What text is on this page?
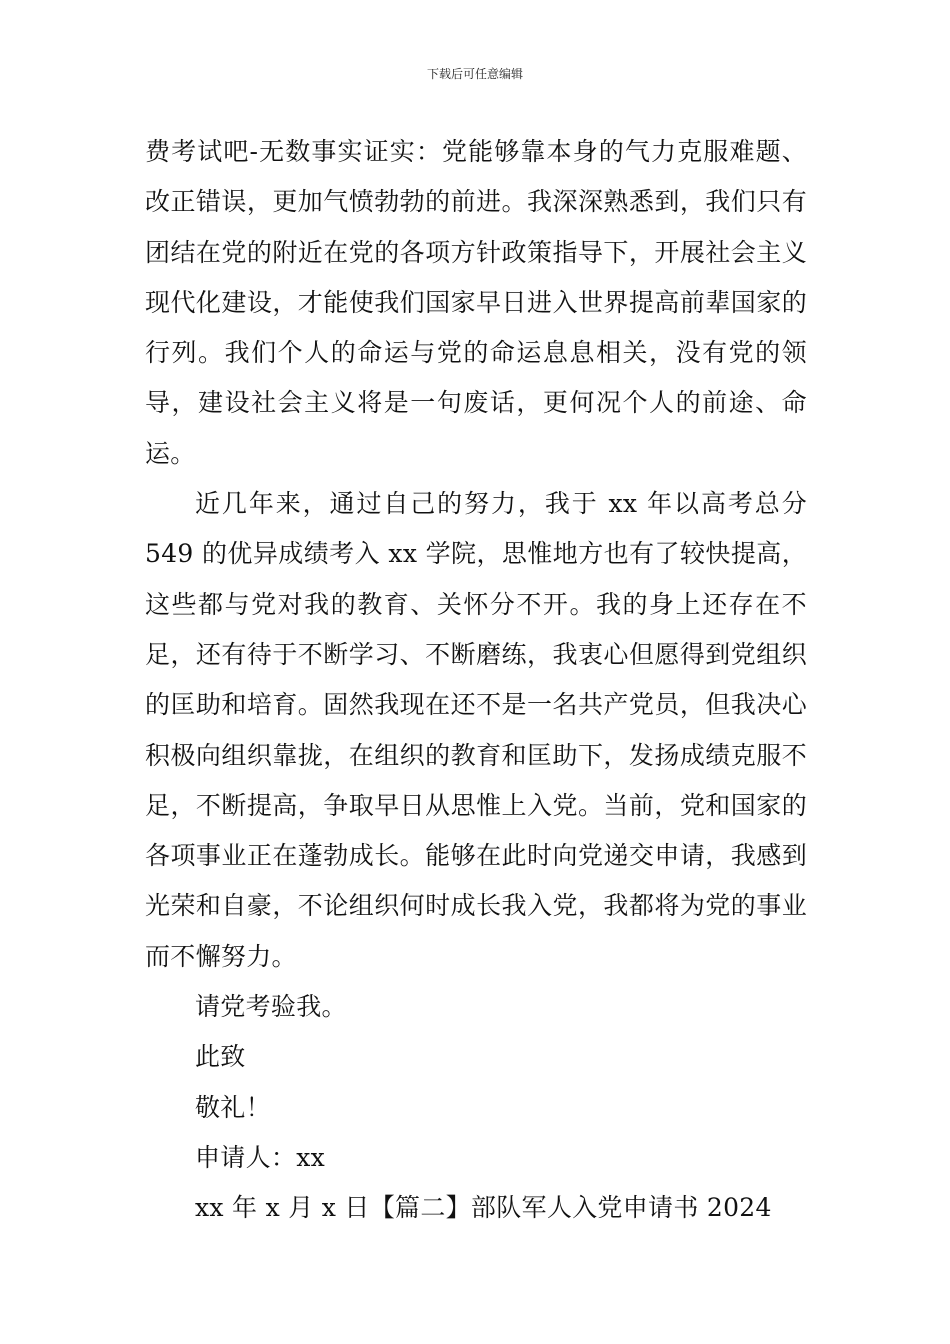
下载后可任意编辑

费考试吧-无数事实证实：党能够靠本身的气力克服难题、改正错误，更加气愤勃勃的前进。我深深熟悉到，我们只有团结在党的附近在党的各项方针政策指导下，开展社会主义现代化建设，才能使我们国家早日进入世界提高前辈国家的行列。我们个人的命运与党的命运息息相关，没有党的领导，建设社会主义将是一句废话，更何况个人的前途、命运。

近几年来，通过自己的努力，我于 xx 年以高考总分549 的优异成绩考入 xx 学院，思惟地方也有了较快提高，这些都与党对我的教育、关怀分不开。我的身上还存在不足，还有待于不断学习、不断磨练，我衷心但愿得到党组织的匡助和培育。固然我现在还不是一名共产党员，但我决心积极向组织靠拢，在组织的教育和匡助下，发扬成绩克服不足，不断提高，争取早日从思惟上入党。当前，党和国家的各项事业正在蓬勃成长。能够在此时向党递交申请，我感到光荣和自豪，不论组织何时成长我入党，我都将为党的事业而不懈努力。

请党考验我。

此致

敬礼！

申请人：xx

xx 年 x 月 x 日【篇二】部队军人入党申请书 2024
